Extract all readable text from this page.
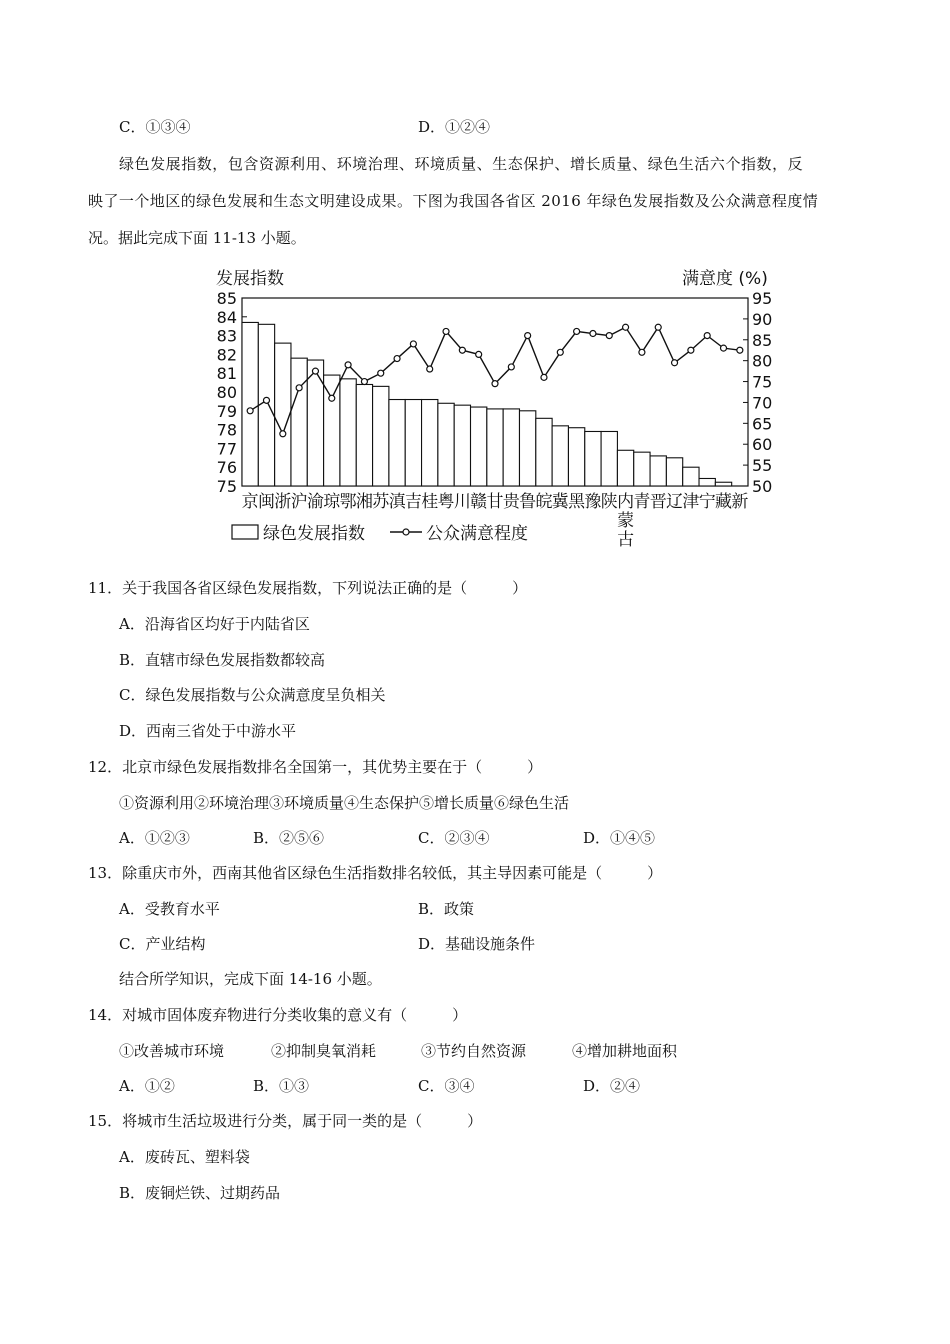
C．①③④	D．①②④
绿色发展指数，包含资源利用、环境治理、环境质量、生态保护、增长质量、绿色生活六个指数，反
映了一个地区的绿色发展和生态文明建设成果。下图为我国各省区 2016 年绿色发展指数及公众满意程度情
况。据此完成下面 11-13 小题。
发展指数	满意度 (%)
75
76
77
78
79
80
81
82
83
84
85
50
55
60
65
70
75
80
85
90
95
京 闽 浙 沪 渝 琼 鄂 湘 苏 滇 吉 桂 粤 川 赣 甘 贵 鲁 皖 冀 黑 豫 陕 内蒙古
青 晋 辽 津 宁 藏 新
绿色发展指数	公众满意程度
11．关于我国各省区绿色发展指数，下列说法正确的是（　　　）
A．沿海省区均好于内陆省区
B．直辖市绿色发展指数都较高
C．绿色发展指数与公众满意度呈负相关
D．西南三省处于中游水平
12．北京市绿色发展指数排名全国第一，其优势主要在于（　　　）
①资源利用②环境治理③环境质量④生态保护⑤增长质量⑥绿色生活
A．①②③	B．②⑤⑥	C．②③④	D．①④⑤
13．除重庆市外，西南其他省区绿色生活指数排名较低，其主导因素可能是（　　　）
A．受教育水平	B．政策
C．产业结构	D．基础设施条件
结合所学知识，完成下面 14-16 小题。
14．对城市固体废弃物进行分类收集的意义有（　　　）
①改善城市环境	②抑制臭氧消耗	③节约自然资源	④增加耕地面积
A．①②	B．①③	C．③④	D．②④
15．将城市生活垃圾进行分类，属于同一类的是（　　　）
A．废砖瓦、塑料袋
B．废铜烂铁、过期药品
